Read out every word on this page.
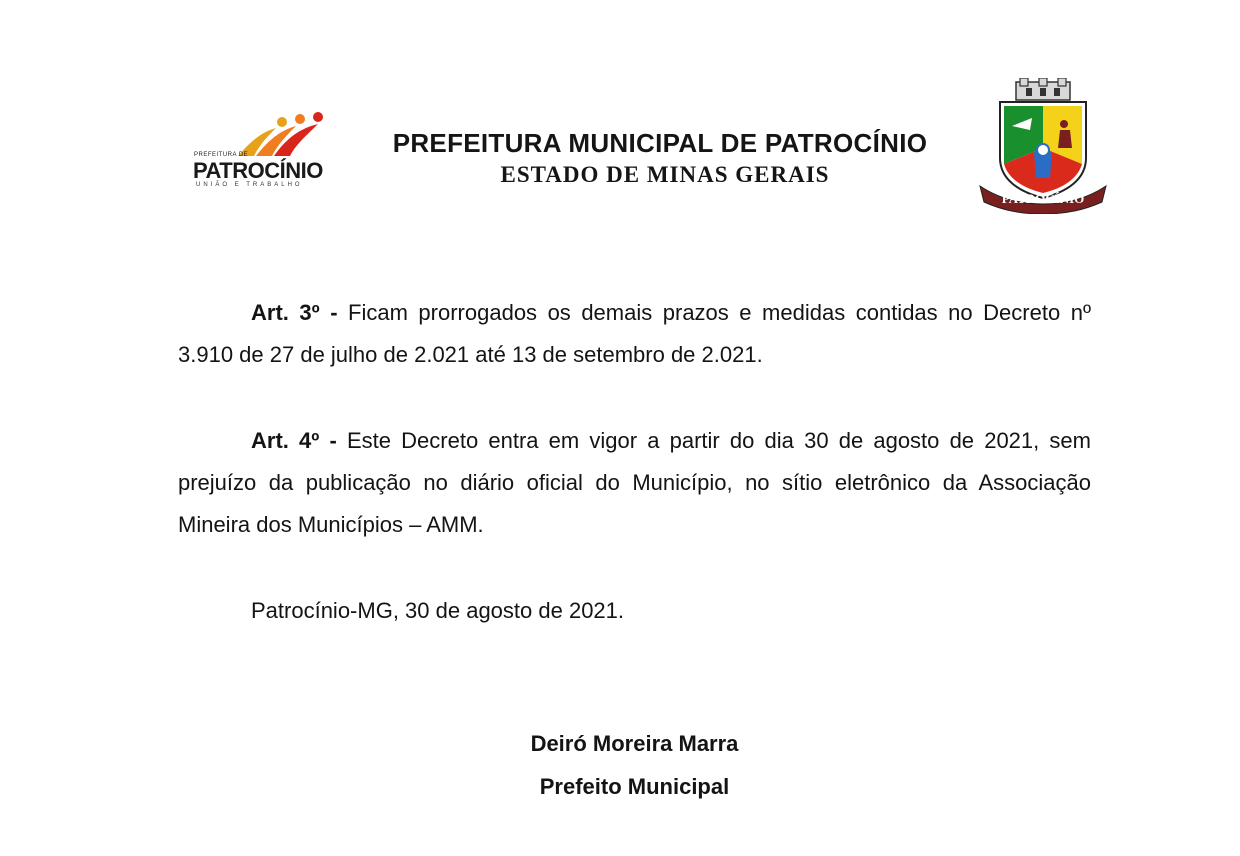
PREFEITURA DE
PATROCÍNIO
UNIÃO E TRABALHO
PREFEITURA MUNICIPAL DE PATROCÍNIO
ESTADO DE MINAS GERAIS
PATROCÍNIO

Art. 3º - Ficam prorrogados os demais prazos e medidas contidas no Decreto nº 3.910 de 27 de julho de 2.021 até 13 de setembro de 2.021.

Art. 4º - Este Decreto entra em vigor a partir do dia 30 de agosto de 2021, sem prejuízo da publicação no diário oficial do Município, no sítio eletrônico da Associação Mineira dos Municípios – AMM.

Patrocínio-MG, 30 de agosto de 2021.

Deiró Moreira Marra
Prefeito Municipal
